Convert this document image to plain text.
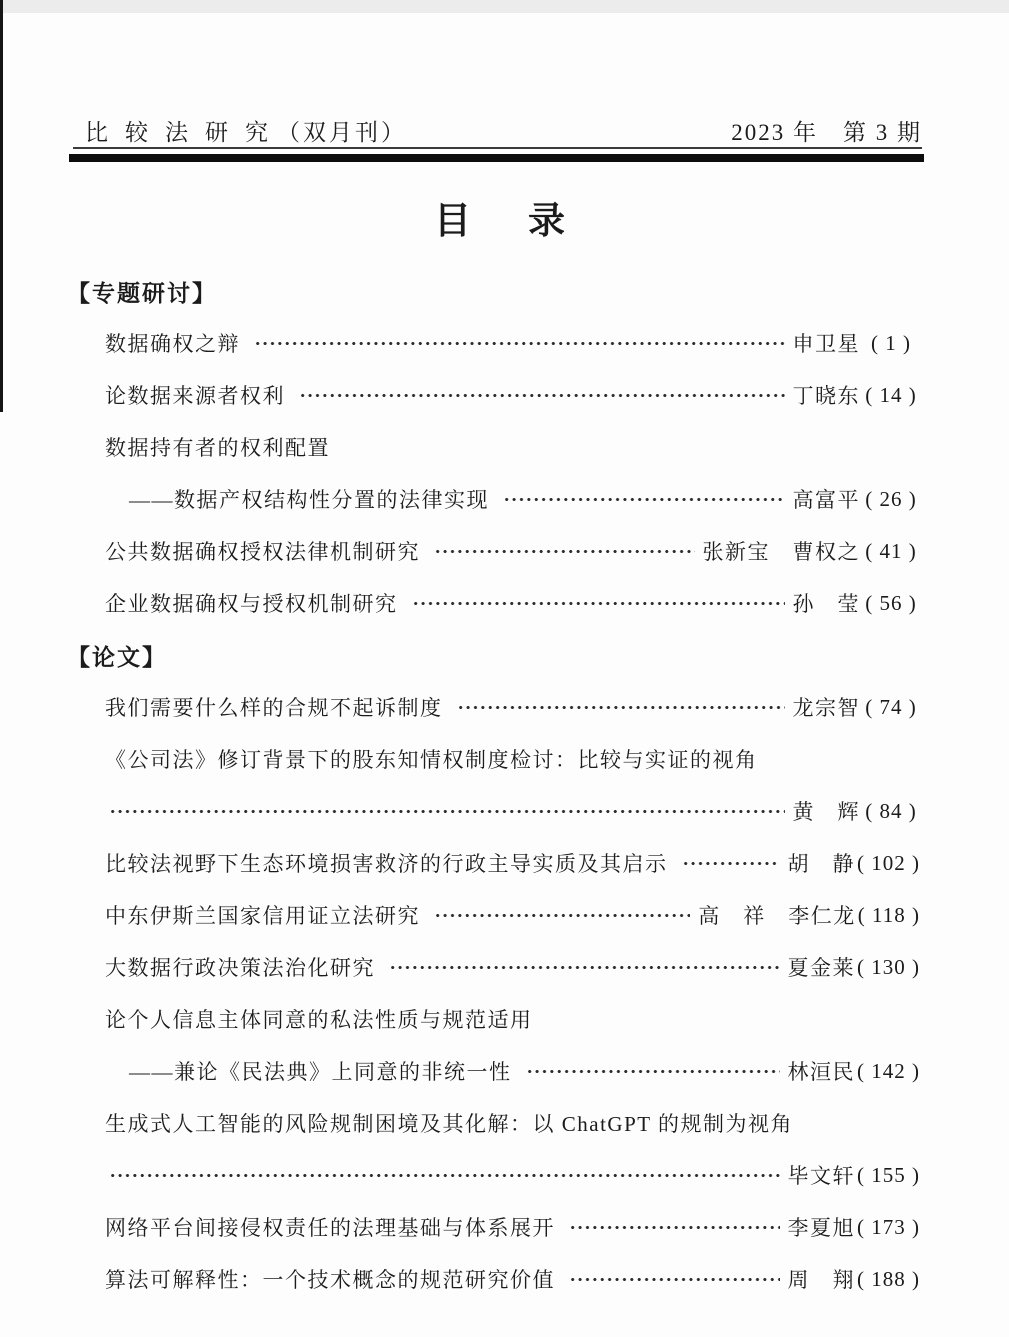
比较法研究（双月刊）	2023 年　第 3 期
目　录
【专题研讨】
数据确权之辩	申卫星 ( 1 )
论数据来源者权利	丁晓东 ( 14 )
数据持有者的权利配置
——数据产权结构性分置的法律实现	高富平 ( 26 )
公共数据确权授权法律机制研究	张新宝　曹权之 ( 41 )
企业数据确权与授权机制研究	孙　莹 ( 56 )
【论文】
我们需要什么样的合规不起诉制度	龙宗智 ( 74 )
《公司法》修订背景下的股东知情权制度检讨：比较与实证的视角
黄　辉 ( 84 )
比较法视野下生态环境损害救济的行政主导实质及其启示	胡　静 ( 102 )
中东伊斯兰国家信用证立法研究	高　祥　李仁龙 ( 118 )
大数据行政决策法治化研究	夏金莱 ( 130 )
论个人信息主体同意的私法性质与规范适用
——兼论《民法典》上同意的非统一性	林洹民 ( 142 )
生成式人工智能的风险规制困境及其化解：以 ChatGPT 的规制为视角
毕文轩 ( 155 )
网络平台间接侵权责任的法理基础与体系展开	李夏旭 ( 173 )
算法可解释性：一个技术概念的规范研究价值	周　翔 ( 188 )
